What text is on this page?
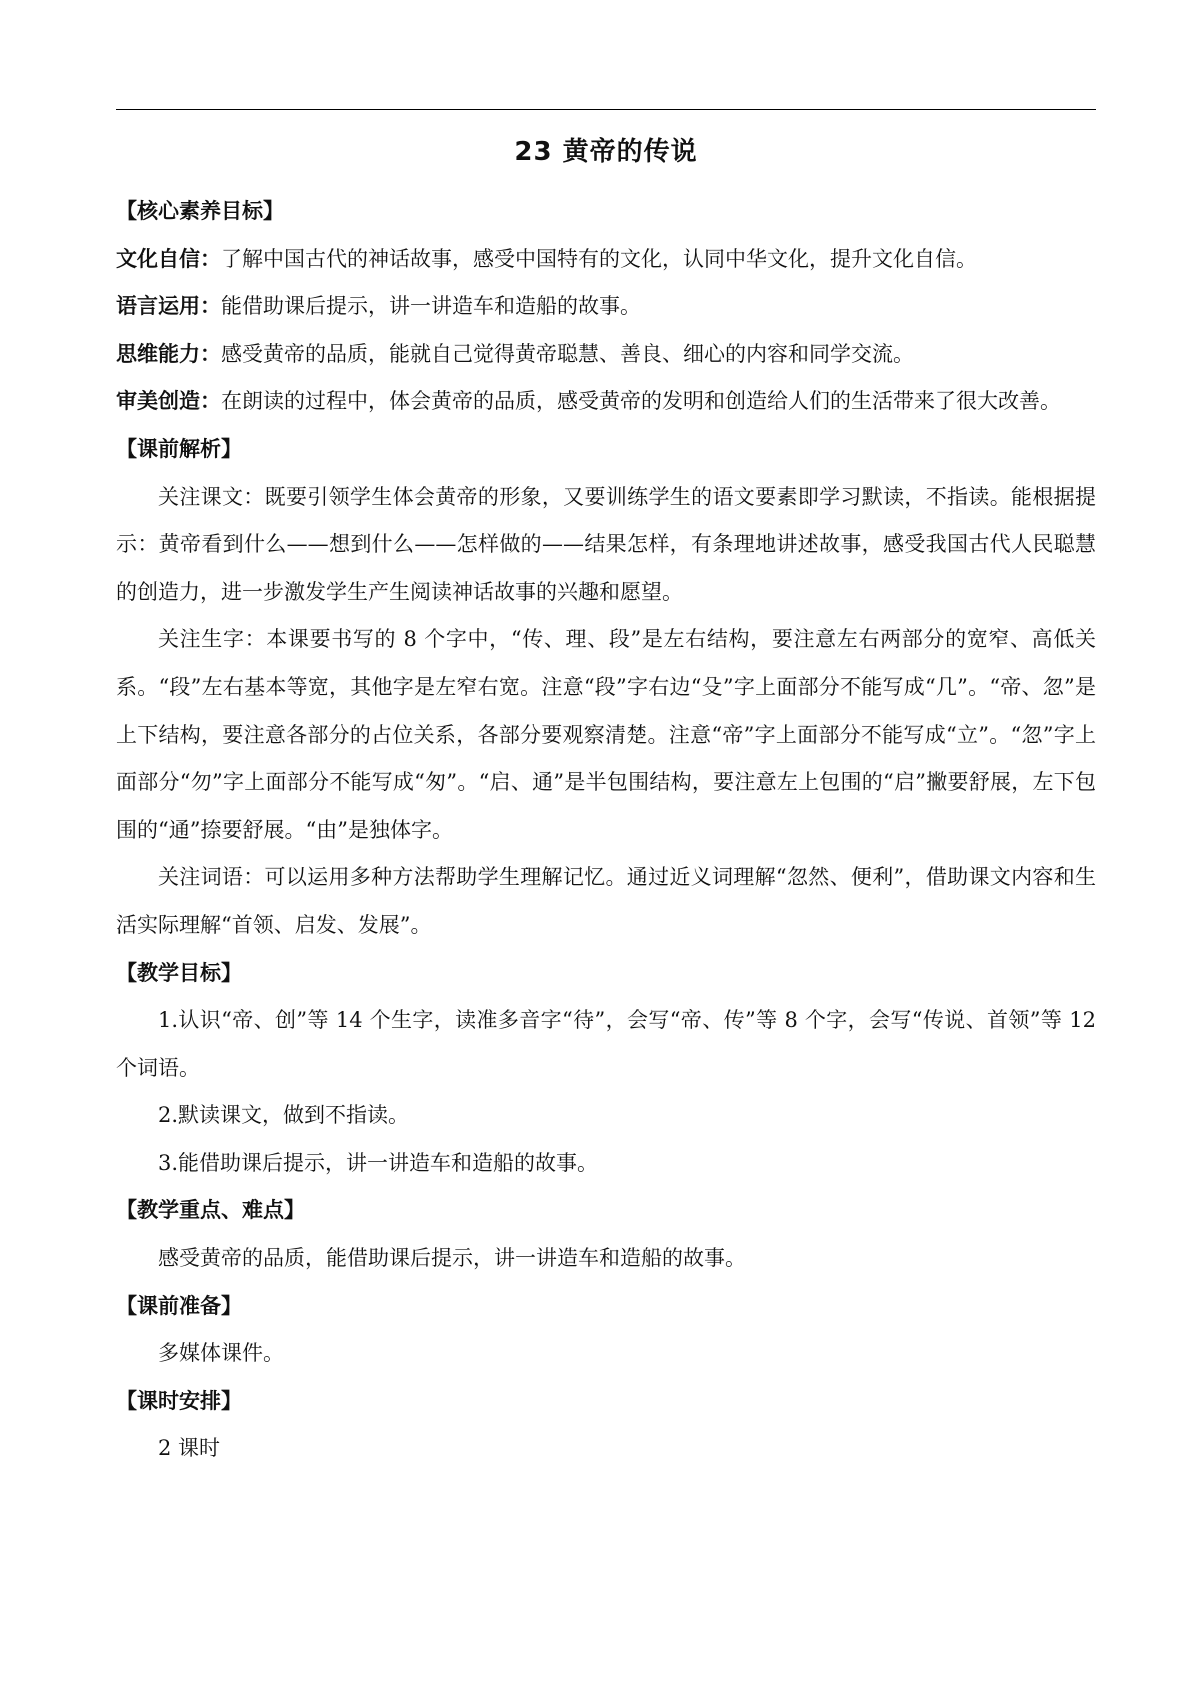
23 黄帝的传说
【核心素养目标】

文化自信：了解中国古代的神话故事，感受中国特有的文化，认同中华文化，提升文化自信。

语言运用：能借助课后提示，讲一讲造车和造船的故事。

思维能力：感受黄帝的品质，能就自己觉得黄帝聪慧、善良、细心的内容和同学交流。

审美创造：在朗读的过程中，体会黄帝的品质，感受黄帝的发明和创造给人们的生活带来了很大改善。

【课前解析】

关注课文：既要引领学生体会黄帝的形象，又要训练学生的语文要素即学习默读，不指读。能根据提示：黄帝看到什么——想到什么——怎样做的——结果怎样，有条理地讲述故事，感受我国古代人民聪慧的创造力，进一步激发学生产生阅读神话故事的兴趣和愿望。

关注生字：本课要书写的 8 个字中，“传、理、段”是左右结构，要注意左右两部分的宽窄、高低关系。“段”左右基本等宽，其他字是左窄右宽。注意“段”字右边“殳”字上面部分不能写成“几”。“帝、忽”是上下结构，要注意各部分的占位关系，各部分要观察清楚。注意“帝”字上面部分不能写成“立”。“忽”字上面部分“勿”字上面部分不能写成“匆”。“启、通”是半包围结构，要注意左上包围的“启”撇要舒展，左下包围的“通”捺要舒展。“由”是独体字。

关注词语：可以运用多种方法帮助学生理解记忆。通过近义词理解“忽然、便利”，借助课文内容和生活实际理解“首领、启发、发展”。

【教学目标】

1.认识“帝、创”等 14 个生字，读准多音字“待”，会写“帝、传”等 8 个字，会写“传说、首领”等 12 个词语。

2.默读课文，做到不指读。

3.能借助课后提示，讲一讲造车和造船的故事。

【教学重点、难点】

感受黄帝的品质，能借助课后提示，讲一讲造车和造船的故事。

【课前准备】

多媒体课件。

【课时安排】

2 课时
